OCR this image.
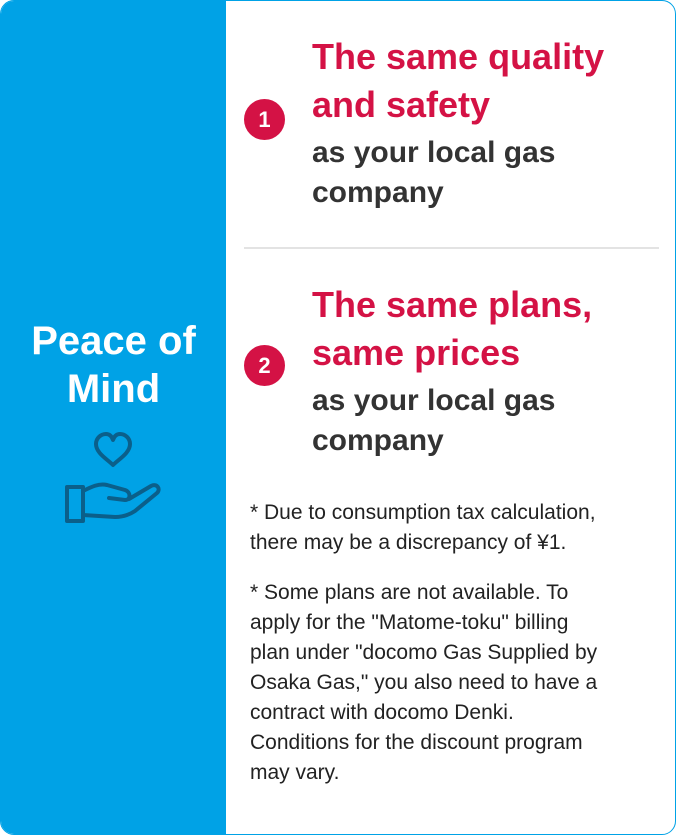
Peace of
Mind
1
The same quality
and safety
as your local gas
company
2
The same plans,
same prices
as your local gas
company
* Due to consumption tax calculation,
there may be a discrepancy of ¥1.
* Some plans are not available. To
apply for the "Matome-toku" billing
plan under "docomo Gas Supplied by
Osaka Gas," you also need to have a
contract with docomo Denki.
Conditions for the discount program
may vary.
